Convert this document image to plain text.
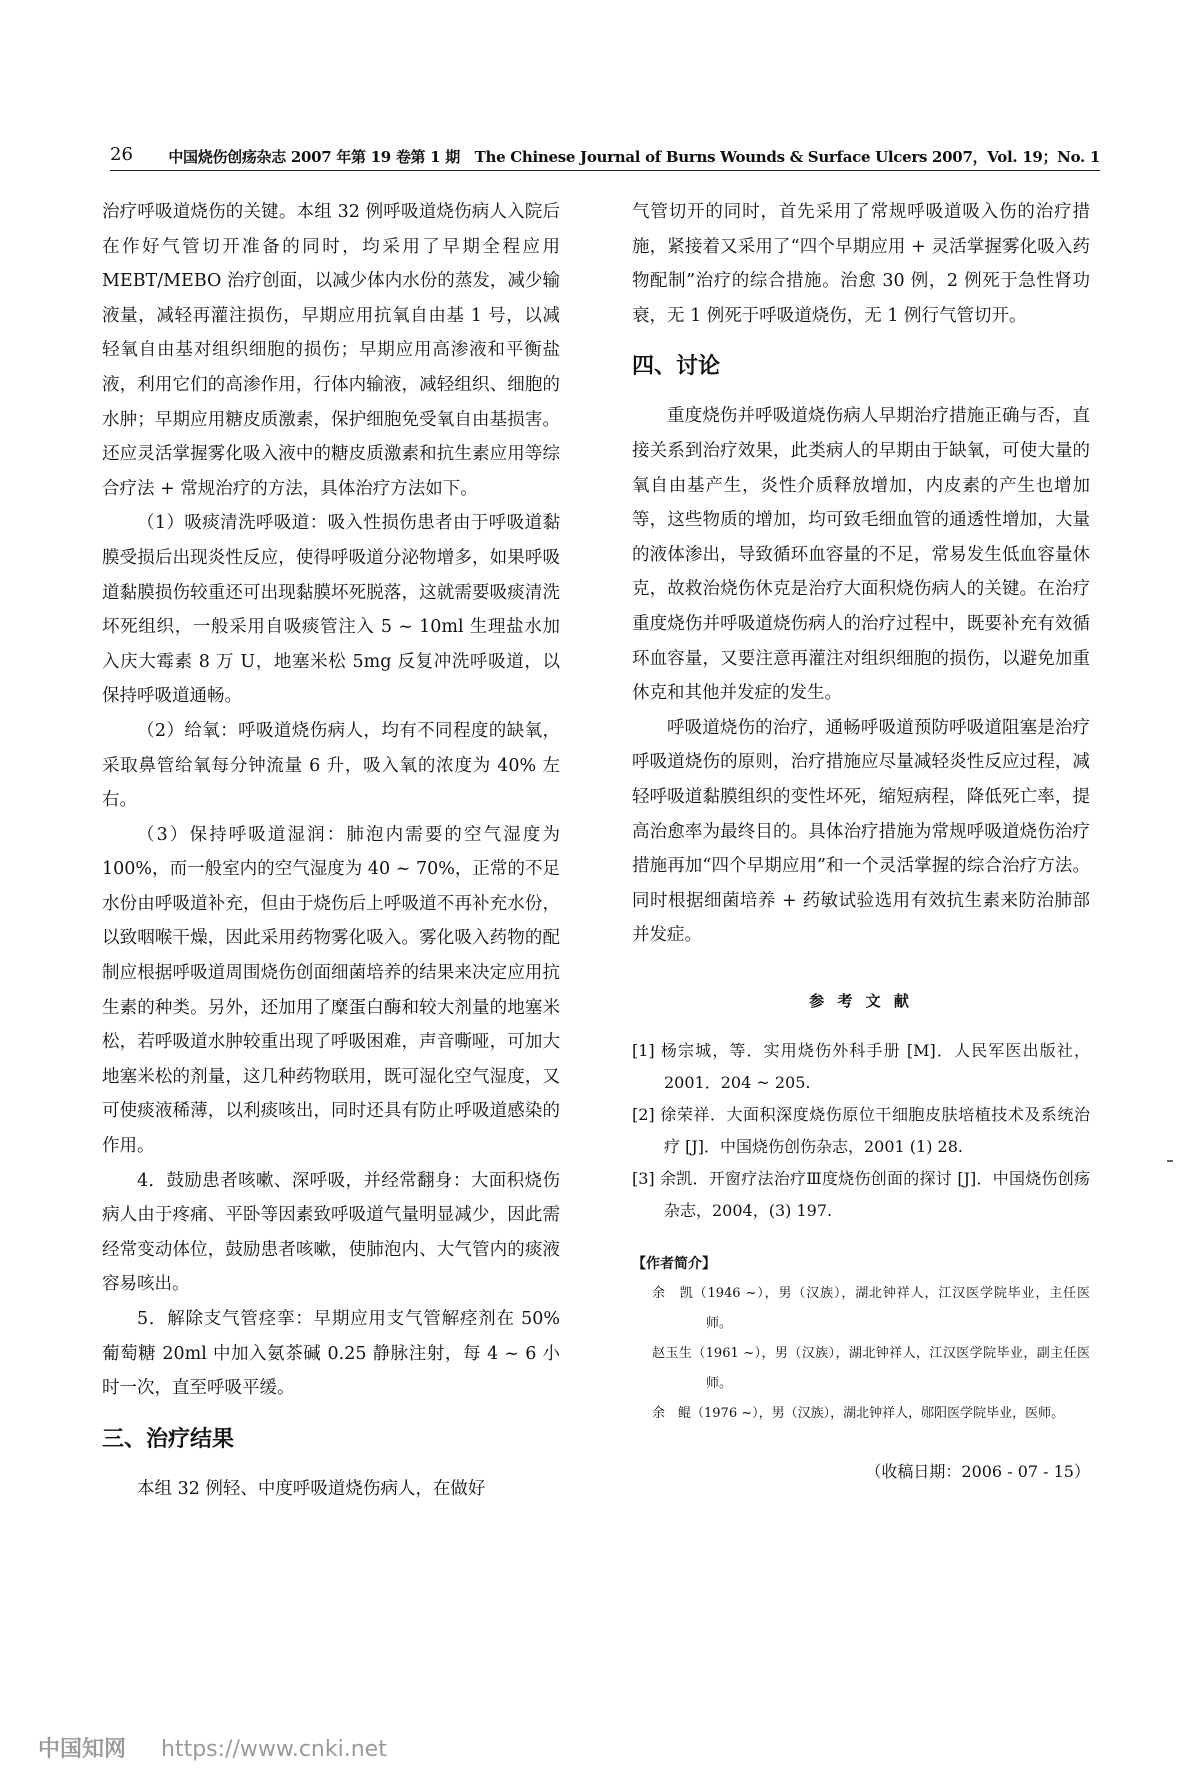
26 中国烧伤创疡杂志 2007 年第 19 卷第 1 期　The Chinese Journal of Burns Wounds & Surface Ulcers 2007，Vol. 19；No. 1

治疗呼吸道烧伤的关键。本组 32 例呼吸道烧伤病人入院后在作好气管切开准备的同时，均采用了早期全程应用 MEBT/MEBO 治疗创面，以减少体内水份的蒸发，减少输液量，减轻再灌注损伤，早期应用抗氧自由基 1 号，以减轻氧自由基对组织细胞的损伤；早期应用高渗液和平衡盐液，利用它们的高渗作用，行体内输液，减轻组织、细胞的水肿；早期应用糖皮质激素，保护细胞免受氧自由基损害。还应灵活掌握雾化吸入液中的糖皮质激素和抗生素应用等综合疗法 + 常规治疗的方法，具体治疗方法如下。

（1）吸痰清洗呼吸道：吸入性损伤患者由于呼吸道黏膜受损后出现炎性反应，使得呼吸道分泌物增多，如果呼吸道黏膜损伤较重还可出现黏膜坏死脱落，这就需要吸痰清洗坏死组织，一般采用自吸痰管注入 5 ~ 10ml 生理盐水加入庆大霉素 8 万 U，地塞米松 5mg 反复冲洗呼吸道，以保持呼吸道通畅。

（2）给氧：呼吸道烧伤病人，均有不同程度的缺氧，采取鼻管给氧每分钟流量 6 升，吸入氧的浓度为 40% 左右。

（3）保持呼吸道湿润：肺泡内需要的空气湿度为 100%，而一般室内的空气湿度为 40 ~ 70%，正常的不足水份由呼吸道补充，但由于烧伤后上呼吸道不再补充水份，以致咽喉干燥，因此采用药物雾化吸入。雾化吸入药物的配制应根据呼吸道周围烧伤创面细菌培养的结果来决定应用抗生素的种类。另外，还加用了糜蛋白酶和较大剂量的地塞米松，若呼吸道水肿较重出现了呼吸困难，声音嘶哑，可加大地塞米松的剂量，这几种药物联用，既可湿化空气湿度，又可使痰液稀薄，以利痰咳出，同时还具有防止呼吸道感染的作用。

4．鼓励患者咳嗽、深呼吸，并经常翻身：大面积烧伤病人由于疼痛、平卧等因素致呼吸道气量明显减少，因此需经常变动体位，鼓励患者咳嗽，使肺泡内、大气管内的痰液容易咳出。

5．解除支气管痉挛：早期应用支气管解痉剂在 50% 葡萄糖 20ml 中加入氨茶碱 0.25 静脉注射，每 4 ~ 6 小时一次，直至呼吸平缓。

三、治疗结果

本组 32 例轻、中度呼吸道烧伤病人，在做好

气管切开的同时，首先采用了常规呼吸道吸入伤的治疗措施，紧接着又采用了“四个早期应用 + 灵活掌握雾化吸入药物配制”治疗的综合措施。治愈 30 例，2 例死于急性肾功衰，无 1 例死于呼吸道烧伤，无 1 例行气管切开。

四、讨论

重度烧伤并呼吸道烧伤病人早期治疗措施正确与否，直接关系到治疗效果，此类病人的早期由于缺氧，可使大量的氧自由基产生，炎性介质释放增加，内皮素的产生也增加等，这些物质的增加，均可致毛细血管的通透性增加，大量的液体渗出，导致循环血容量的不足，常易发生低血容量休克，故救治烧伤休克是治疗大面积烧伤病人的关键。在治疗重度烧伤并呼吸道烧伤病人的治疗过程中，既要补充有效循环血容量，又要注意再灌注对组织细胞的损伤，以避免加重休克和其他并发症的发生。

呼吸道烧伤的治疗，通畅呼吸道预防呼吸道阻塞是治疗呼吸道烧伤的原则，治疗措施应尽量减轻炎性反应过程，减轻呼吸道黏膜组织的变性坏死，缩短病程，降低死亡率，提高治愈率为最终目的。具体治疗措施为常规呼吸道烧伤治疗措施再加“四个早期应用”和一个灵活掌握的综合治疗方法。同时根据细菌培养 + 药敏试验选用有效抗生素来防治肺部并发症。

参 考 文 献

[1] 杨宗城，等．实用烧伤外科手册 [M]．人民军医出版社，2001．204 ~ 205.

[2] 徐荣祥．大面积深度烧伤原位干细胞皮肤培植技术及系统治疗 [J]．中国烧伤创伤杂志，2001 (1) 28.

[3] 余凯．开窗疗法治疗Ⅲ度烧伤创面的探讨 [J]．中国烧伤创疡杂志，2004，(3) 197.

【作者简介】

余　凯（1946 ~），男（汉族），湖北钟祥人，江汉医学院毕业，主任医师。

赵玉生（1961 ~），男（汉族），湖北钟祥人，江汉医学院毕业，副主任医师。

余　鲲（1976 ~），男（汉族），湖北钟祥人，郧阳医学院毕业，医师。

（收稿日期：2006 - 07 - 15）

中国知网 https://www.cnki.net
